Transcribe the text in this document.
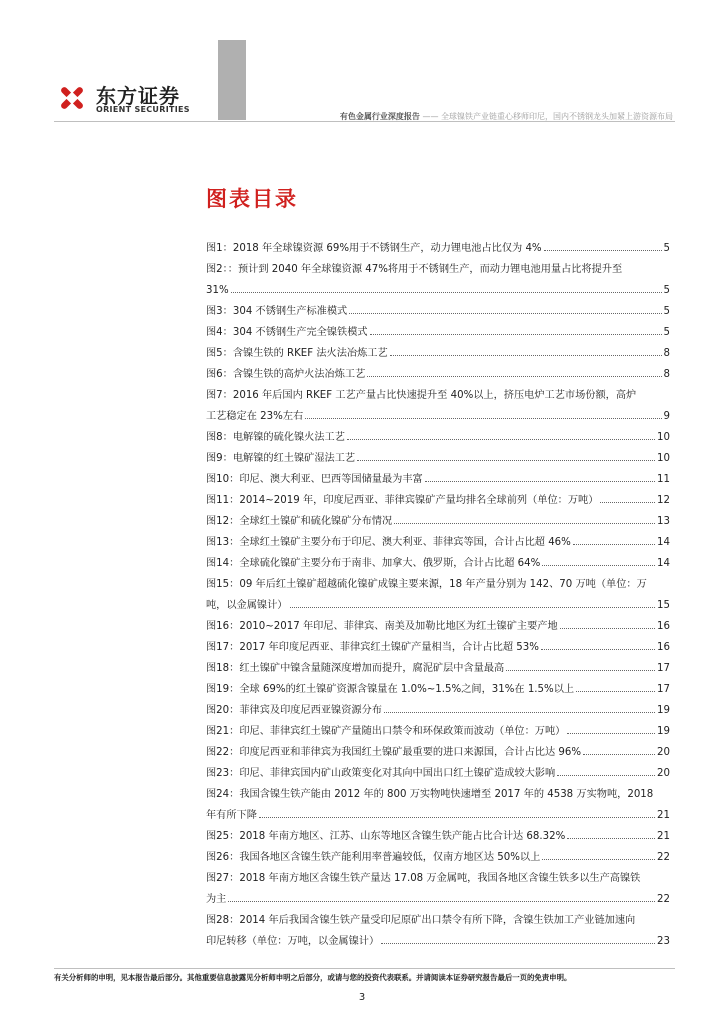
东方证券
ORIENT SECURITIES
有色金属行业深度报告 —— 全球镍铁产业链重心移师印尼，国内不锈钢龙头加紧上游资源布局
图表目录
图1：2018 年全球镍资源 69%用于不锈钢生产，动力锂电池占比仅为 4%	5
图2：：预计到 2040 年全球镍资源 47%将用于不锈钢生产，而动力锂电池用量占比将提升至
31%	5
图3：304 不锈钢生产标准模式	5
图4：304 不锈钢生产完全镍铁模式	5
图5：含镍生铁的 RKEF 法火法冶炼工艺	8
图6：含镍生铁的高炉火法冶炼工艺	8
图7：2016 年后国内 RKEF 工艺产量占比快速提升至 40%以上，挤压电炉工艺市场份额，高炉
工艺稳定在 23%左右	9
图8：电解镍的硫化镍火法工艺	10
图9：电解镍的红土镍矿湿法工艺	10
图10：印尼、澳大利亚、巴西等国储量最为丰富	11
图11：2014~2019 年，印度尼西亚、菲律宾镍矿产量均排名全球前列（单位：万吨）	12
图12：全球红土镍矿和硫化镍矿分布情况	13
图13：全球红土镍矿主要分布于印尼、澳大利亚、菲律宾等国，合计占比超 46%	14
图14：全球硫化镍矿主要分布于南非、加拿大、俄罗斯，合计占比超 64%	14
图15：09 年后红土镍矿超越硫化镍矿成镍主要来源，18 年产量分别为 142、70 万吨（单位：万
吨，以金属镍计）	15
图16：2010~2017 年印尼、菲律宾、南美及加勒比地区为红土镍矿主要产地	16
图17：2017 年印度尼西亚、菲律宾红土镍矿产量相当，合计占比超 53%	16
图18：红土镍矿中镍含量随深度增加而提升，腐泥矿层中含量最高	17
图19：全球 69%的红土镍矿资源含镍量在 1.0%~1.5%之间，31%在 1.5%以上	17
图20：菲律宾及印度尼西亚镍资源分布	19
图21：印尼、菲律宾红土镍矿产量随出口禁令和环保政策而波动（单位：万吨）	19
图22：印度尼西亚和菲律宾为我国红土镍矿最重要的进口来源国，合计占比达 96%	20
图23：印尼、菲律宾国内矿山政策变化对其向中国出口红土镍矿造成较大影响	20
图24：我国含镍生铁产能由 2012 年的 800 万实物吨快速增至 2017 年的 4538 万实物吨，2018
年有所下降	21
图25：2018 年南方地区、江苏、山东等地区含镍生铁产能占比合计达 68.32%	21
图26：我国各地区含镍生铁产能利用率普遍较低，仅南方地区达 50%以上	22
图27：2018 年南方地区含镍生铁产量达 17.08 万金属吨，我国各地区含镍生铁多以生产高镍铁
为主	22
图28：2014 年后我国含镍生铁产量受印尼原矿出口禁令有所下降，含镍生铁加工产业链加速向
印尼转移（单位：万吨，以金属镍计）	23
有关分析师的申明，见本报告最后部分。其他重要信息披露见分析师申明之后部分，或请与您的投资代表联系。并请阅读本证券研究报告最后一页的免责申明。
3
